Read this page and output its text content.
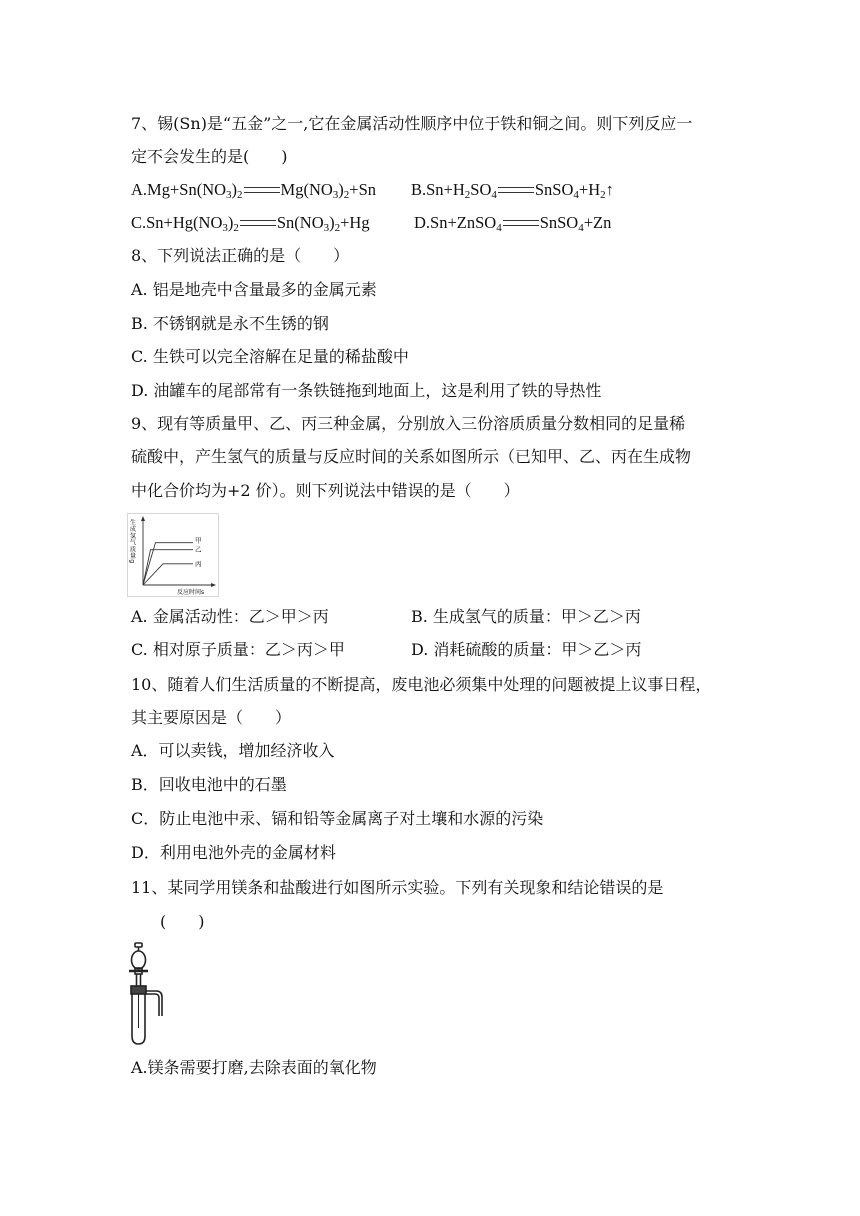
7、锡(Sn)是“五金”之一,它在金属活动性顺序中位于铁和铜之间。则下列反应一
定不会发生的是(　　)
$A.Mg+Sn(NO_3)_2$ $Mg(NO_3)_2+Sn$ $B.Sn+H_2SO_4$ $SnSO_4+H_2↑$
$C.Sn+Hg(NO_3)_2$ $Sn(NO_3)_2+Hg$	D.Sn+ZnSO$_4$ SnSO$_4$+Zn
8、下列说法正确的是（　　）
A. 铝是地壳中含量最多的金属元素
B. 不锈钢就是永不生锈的钢
C. 生铁可以完全溶解在足量的稀盐酸中
D. 油罐车的尾部常有一条铁链拖到地面上，这是利用了铁的导热性
9、现有等质量甲、乙、丙三种金属，分别放入三份溶质质量分数相同的足量稀
硫酸中，产生氢气的质量与反应时间的关系如图所示（已知甲、乙、丙在生成物
中化合价均为+2 价）。则下列说法中错误的是（　　）
生成氢气质量g
反应时间s
甲
乙
丙
A. 金属活动性：乙＞甲＞丙	B. 生成氢气的质量：甲＞乙＞丙
C. 相对原子质量：乙＞丙＞甲	D. 消耗硫酸的质量：甲＞乙＞丙
10、随着人们生活质量的不断提高，废电池必须集中处理的问题被提上议事日程，
其主要原因是（　　）
A．可以卖钱，增加经济收入
B．回收电池中的石墨
C．防止电池中汞、镉和铅等金属离子对土壤和水源的污染
D．利用电池外壳的金属材料
11、某同学用镁条和盐酸进行如图所示实验。下列有关现象和结论错误的是
(　　)
A.镁条需要打磨,去除表面的氧化物
